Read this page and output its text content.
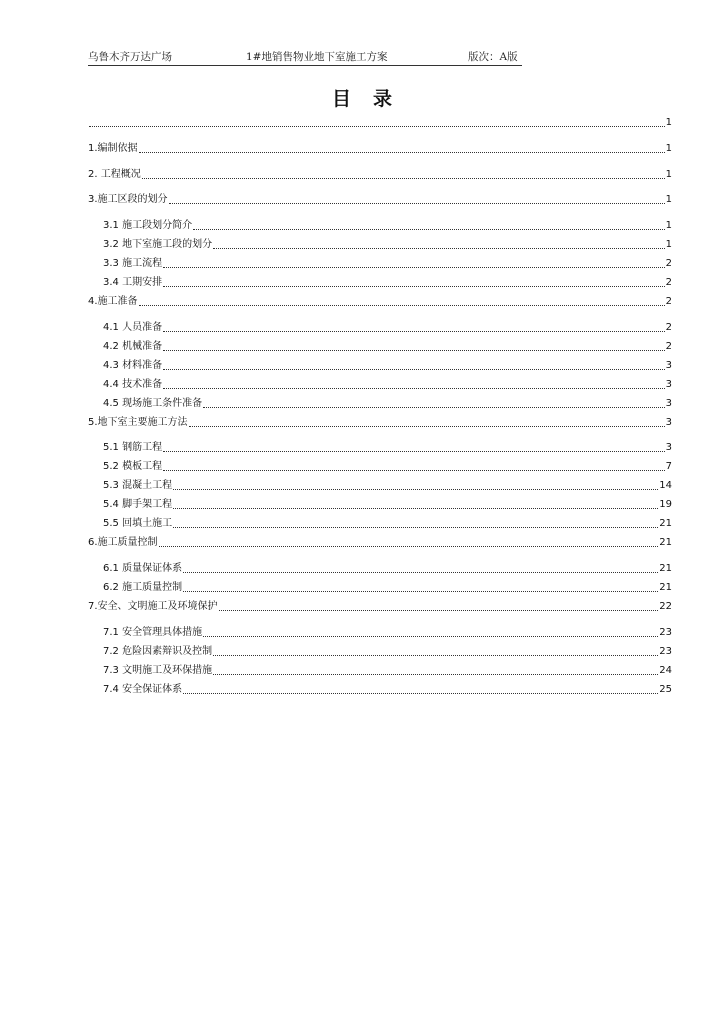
乌鲁木齐万达广场	1#地销售物业地下室施工方案	版次：A版
目录
1
1.编制依据	1
2. 工程概况	1
3.施工区段的划分	1
3.1 施工段划分简介	1
3.2 地下室施工段的划分	1
3.3 施工流程	2
3.4 工期安排	2
4.施工准备	2
4.1 人员准备	2
4.2 机械准备	2
4.3 材料准备	3
4.4 技术准备	3
4.5 现场施工条件准备	3
5.地下室主要施工方法	3
5.1 钢筋工程	3
5.2 模板工程	7
5.3 混凝土工程	14
5.4 脚手架工程	19
5.5 回填土施工	21
6.施工质量控制	21
6.1 质量保证体系	21
6.2 施工质量控制	21
7.安全、文明施工及环境保护	22
7.1 安全管理具体措施	23
7.2 危险因素辩识及控制	23
7.3 文明施工及环保措施	24
7.4 安全保证体系	25
